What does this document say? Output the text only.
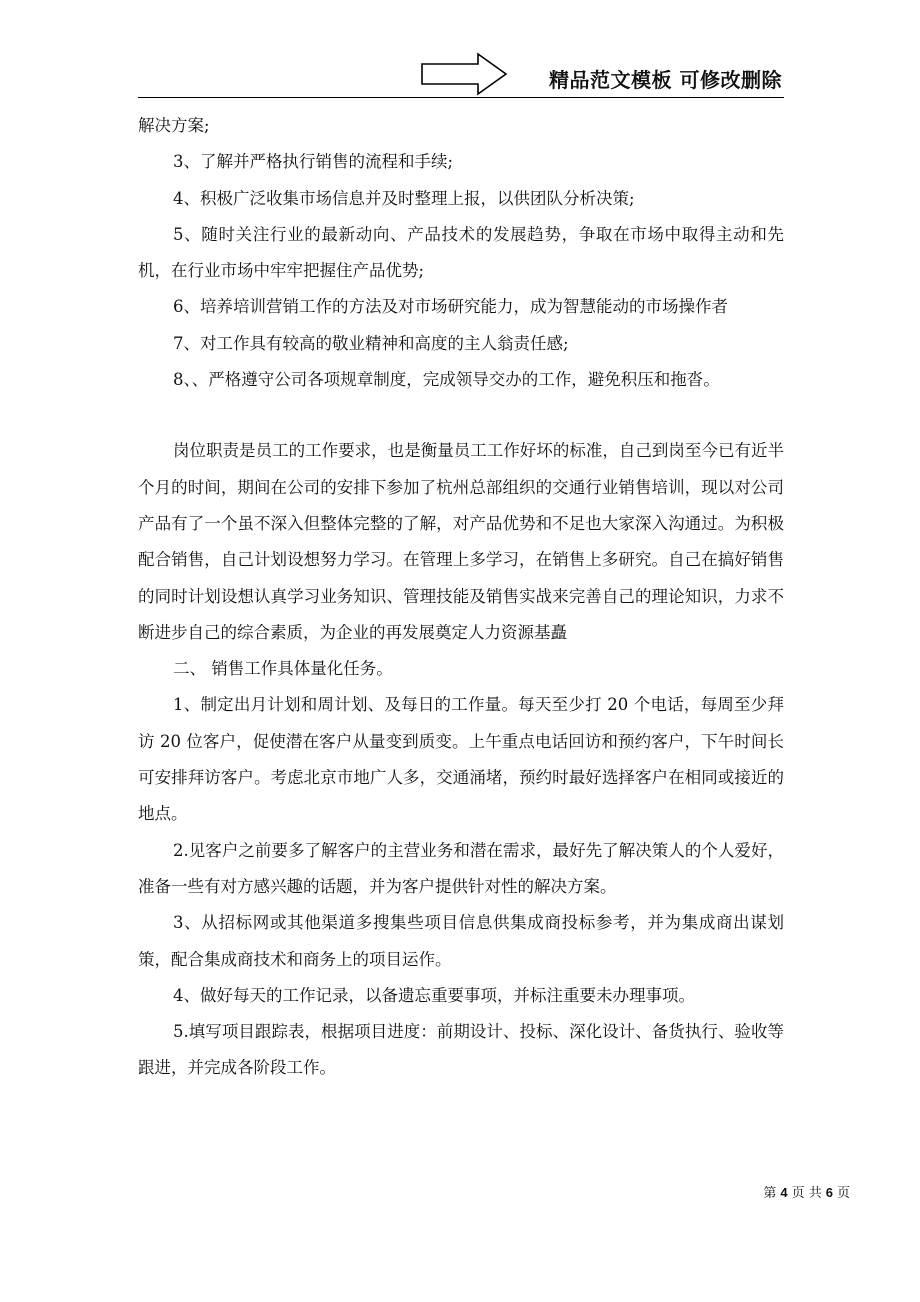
精品范文模板 可修改删除

解决方案;

3、了解并严格执行销售的流程和手续;

4、积极广泛收集市场信息并及时整理上报，以供团队分析决策;

5、随时关注行业的最新动向、产品技术的发展趋势，争取在市场中取得主动和先机，在行业市场中牢牢把握住产品优势;

6、培养培训营销工作的方法及对市场研究能力，成为智慧能动的市场操作者

7、对工作具有较高的敬业精神和高度的主人翁责任感;

8、、严格遵守公司各项规章制度，完成领导交办的工作，避免积压和拖沓。

岗位职责是员工的工作要求，也是衡量员工工作好坏的标准，自己到岗至今已有近半个月的时间，期间在公司的安排下参加了杭州总部组织的交通行业销售培训，现以对公司产品有了一个虽不深入但整体完整的了解，对产品优势和不足也大家深入沟通过。为积极配合销售，自己计划设想努力学习。在管理上多学习，在销售上多研究。自己在搞好销售的同时计划设想认真学习业务知识、管理技能及销售实战来完善自己的理论知识，力求不断进步自己的综合素质，为企业的再发展奠定人力资源基矗

二、 销售工作具体量化任务。

1、制定出月计划和周计划、及每日的工作量。每天至少打 20 个电话，每周至少拜访 20 位客户，促使潜在客户从量变到质变。上午重点电话回访和预约客户，下午时间长可安排拜访客户。考虑北京市地广人多，交通涌堵，预约时最好选择客户在相同或接近的地点。

2.见客户之前要多了解客户的主营业务和潜在需求，最好先了解决策人的个人爱好，准备一些有对方感兴趣的话题，并为客户提供针对性的解决方案。

3、从招标网或其他渠道多搜集些项目信息供集成商投标参考，并为集成商出谋划策，配合集成商技术和商务上的项目运作。

4、做好每天的工作记录，以备遗忘重要事项，并标注重要未办理事项。

5.填写项目跟踪表，根据项目进度：前期设计、投标、深化设计、备货执行、验收等跟进，并完成各阶段工作。

第 4 页 共 6 页
